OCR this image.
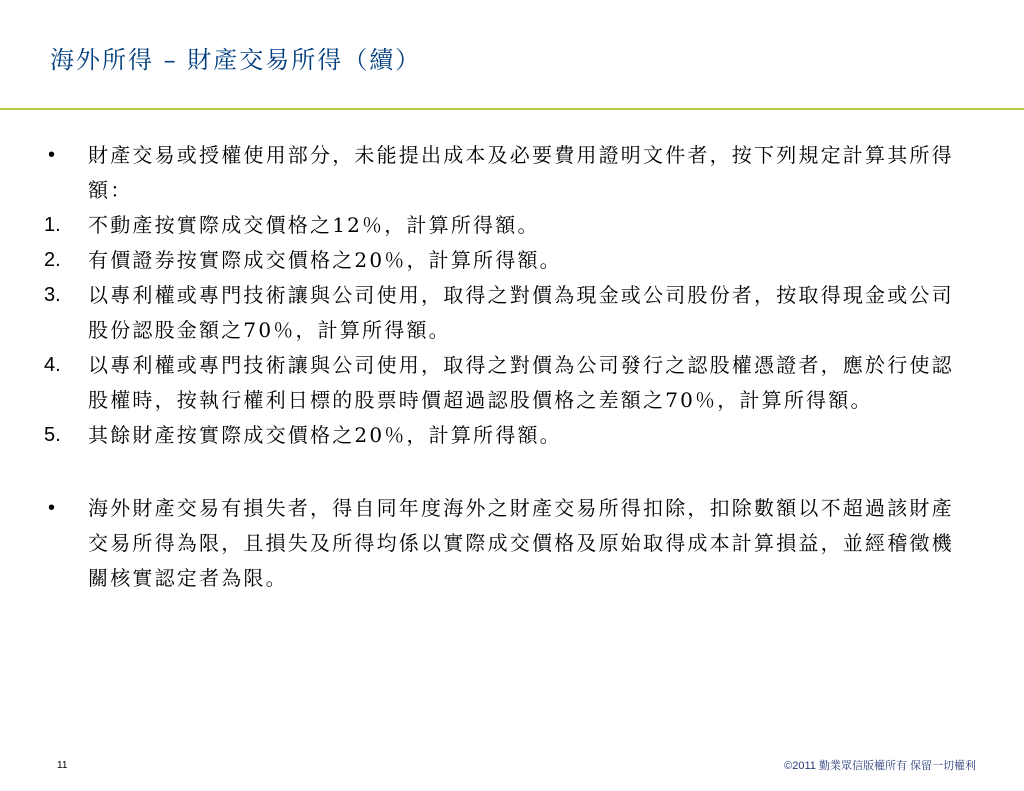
海外所得 – 財產交易所得（續）

• 財產交易或授權使用部分，未能提出成本及必要費用證明文件者，按下列規定計算其所得額：

1. 不動產按實際成交價格之12％，計算所得額。

2. 有價證券按實際成交價格之20％，計算所得額。

3. 以專利權或專門技術讓與公司使用，取得之對價為現金或公司股份者，按取得現金或公司股份認股金額之70％，計算所得額。

4. 以專利權或專門技術讓與公司使用，取得之對價為公司發行之認股權憑證者，應於行使認股權時，按執行權利日標的股票時價超過認股價格之差額之70％，計算所得額。

5. 其餘財產按實際成交價格之20％，計算所得額。

• 海外財產交易有損失者，得自同年度海外之財產交易所得扣除，扣除數額以不超過該財產交易所得為限，且損失及所得均係以實際成交價格及原始取得成本計算損益，並經稽徵機關核實認定者為限。

11	©2011 勤業眾信版權所有 保留一切權利
